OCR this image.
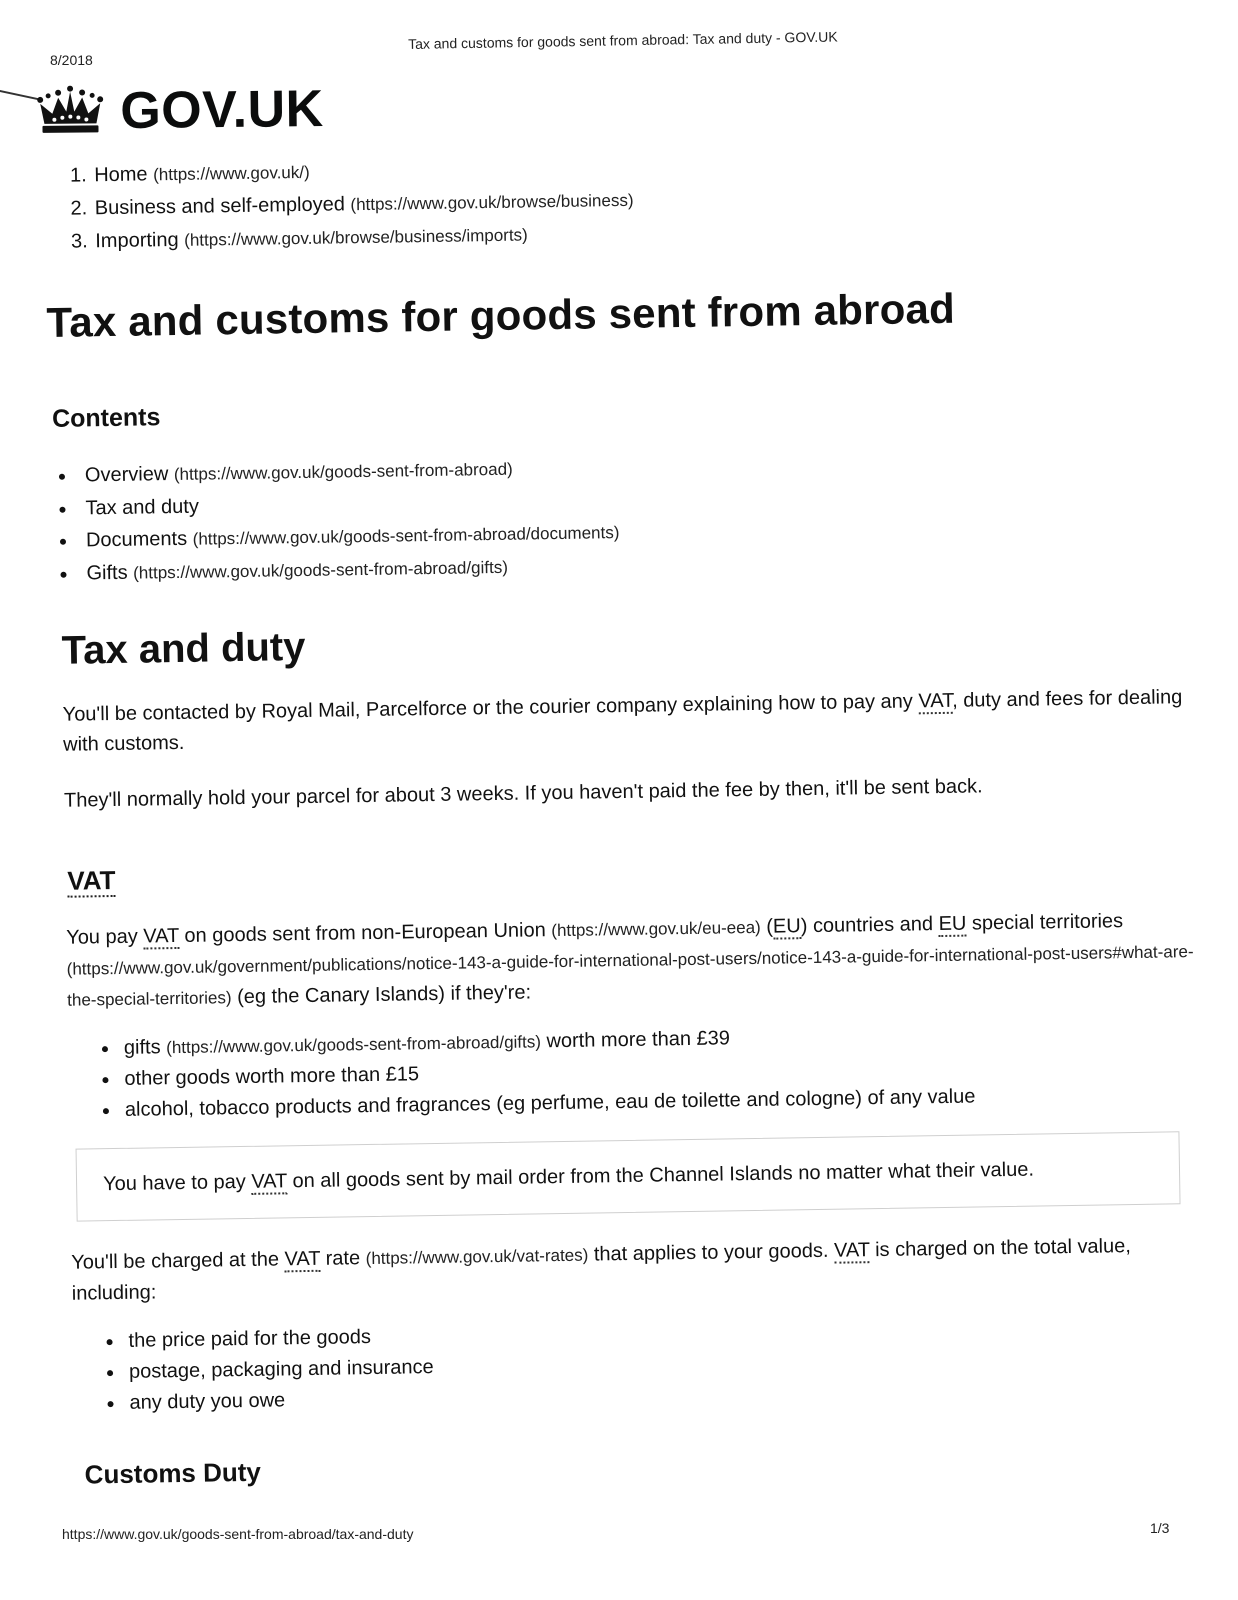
8/2018
Tax and customs for goods sent from abroad: Tax and duty - GOV.UK
GOV.UK
1. Home (https://www.gov.uk/)
2. Business and self-employed (https://www.gov.uk/browse/business)
3. Importing (https://www.gov.uk/browse/business/imports)
Tax and customs for goods sent from abroad
Contents
• Overview (https://www.gov.uk/goods-sent-from-abroad)
• Tax and duty
• Documents (https://www.gov.uk/goods-sent-from-abroad/documents)
• Gifts (https://www.gov.uk/goods-sent-from-abroad/gifts)
Tax and duty

You'll be contacted by Royal Mail, Parcelforce or the courier company explaining how to pay any VAT, duty and fees for dealing with customs.

They'll normally hold your parcel for about 3 weeks. If you haven't paid the fee by then, it'll be sent back.

VAT

You pay VAT on goods sent from non-European Union (https://www.gov.uk/eu-eea) (EU) countries and EU special territories (https://www.gov.uk/government/publications/notice-143-a-guide-for-international-post-users/notice-143-a-guide-for-international-post-users#what-are-the-special-territories) (eg the Canary Islands) if they're:

• gifts (https://www.gov.uk/goods-sent-from-abroad/gifts) worth more than £39
• other goods worth more than £15
• alcohol, tobacco products and fragrances (eg perfume, eau de toilette and cologne) of any value
You have to pay VAT on all goods sent by mail order from the Channel Islands no matter what their value.

You'll be charged at the VAT rate (https://www.gov.uk/vat-rates) that applies to your goods. VAT is charged on the total value, including:

• the price paid for the goods
• postage, packaging and insurance
• any duty you owe
Customs Duty
https://www.gov.uk/goods-sent-from-abroad/tax-and-duty	1/3
